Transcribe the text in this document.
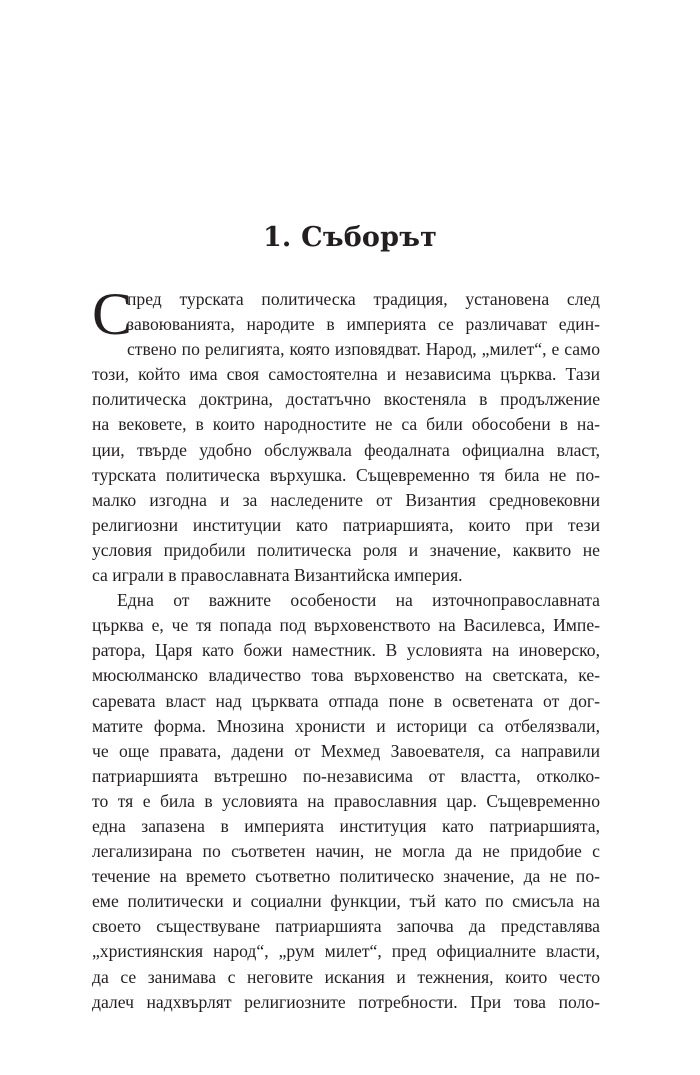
1. Съборът
С
пред турската политическа традиция, установена след
завоюванията, народите в империята се различават един-
ствено по религията, която изповядват. Народ, „милет“, е само
този, който има своя самостоятелна и независима църква. Тази
политическа доктрина, достатъчно вкостеняла в продължение
на вековете, в които народностите не са били обособени в на-
ции, твърде удобно обслужвала феодалната официална власт,
турската политическа върхушка. Същевременно тя била не по-
малко изгодна и за наследените от Византия средновековни
религиозни институции като патриаршията, които при тези
условия придобили политическа роля и значение, каквито не
са играли в православната Византийска империя.
Една от важните особености на източноправославната
църква е, че тя попада под върховенството на Василевса, Импе-
ратора, Царя като божи наместник. В условията на иноверско,
мюсюлманско владичество това върховенство на светската, ке-
саревата власт над църквата отпада поне в осветената от дог-
матите форма. Мнозина хронисти и историци са отбелязвали,
че още правата, дадени от Мехмед Завоевателя, са направили
патриаршията вътрешно по-независима от властта, отколко-
то тя е била в условията на православния цар. Същевременно
една запазена в империята институция като патриаршията,
легализирана по съответен начин, не могла да не придобие с
течение на времето съответно политическо значение, да не по-
еме политически и социални функции, тъй като по смисъла на
своето съществуване патриаршията започва да представлява
„християнския народ“, „рум милет“, пред официалните власти,
да се занимава с неговите искания и тежнения, които често
далеч надхвърлят религиозните потребности. При това поло-
